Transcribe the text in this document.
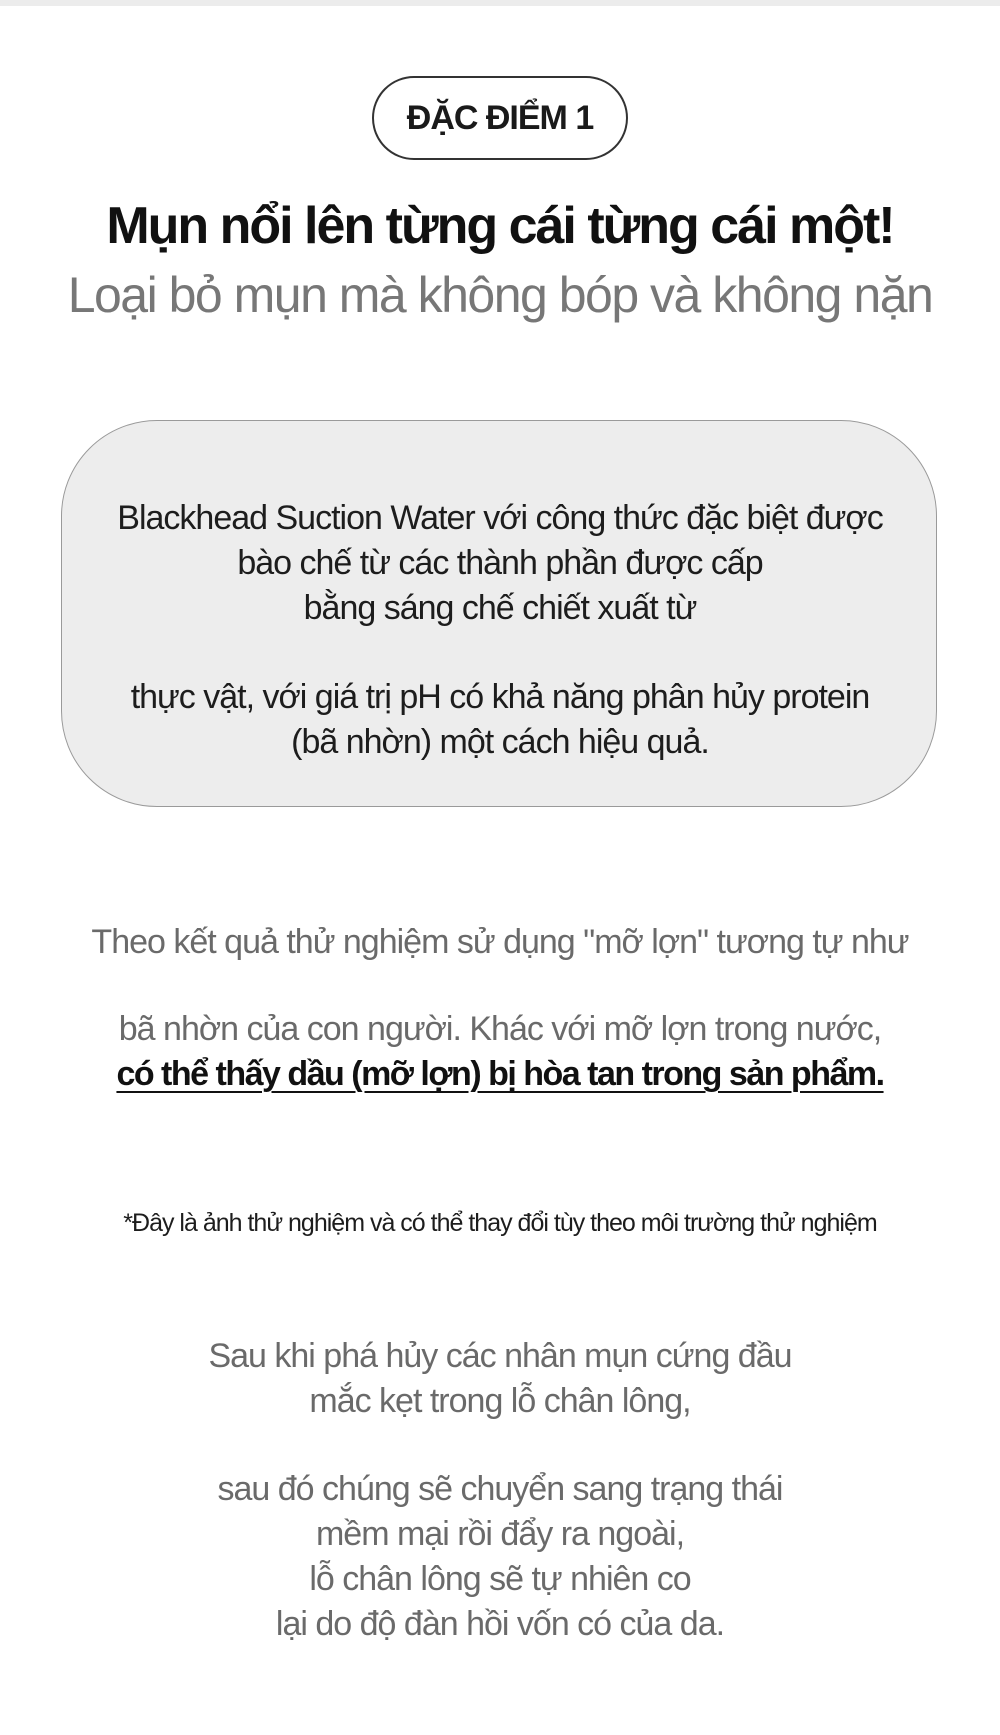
ĐẶC ĐIỂM 1
Mụn nổi lên từng cái từng cái một!
Loại bỏ mụn mà không bóp và không nặn
Blackhead Suction Water với công thức đặc biệt được
bào chế từ các thành phần được cấp
bằng sáng chế chiết xuất từ
thực vật, với giá trị pH có khả năng phân hủy protein
(bã nhờn) một cách hiệu quả.
Theo kết quả thử nghiệm sử dụng "mỡ lợn" tương tự như
bã nhờn của con người. Khác với mỡ lợn trong nước,
có thể thấy dầu (mỡ lợn) bị hòa tan trong sản phẩm.
*Đây là ảnh thử nghiệm và có thể thay đổi tùy theo môi trường thử nghiệm
Sau khi phá hủy các nhân mụn cứng đầu
mắc kẹt trong lỗ chân lông,
sau đó chúng sẽ chuyển sang trạng thái
mềm mại rồi đẩy ra ngoài,
lỗ chân lông sẽ tự nhiên co
lại do độ đàn hồi vốn có của da.
